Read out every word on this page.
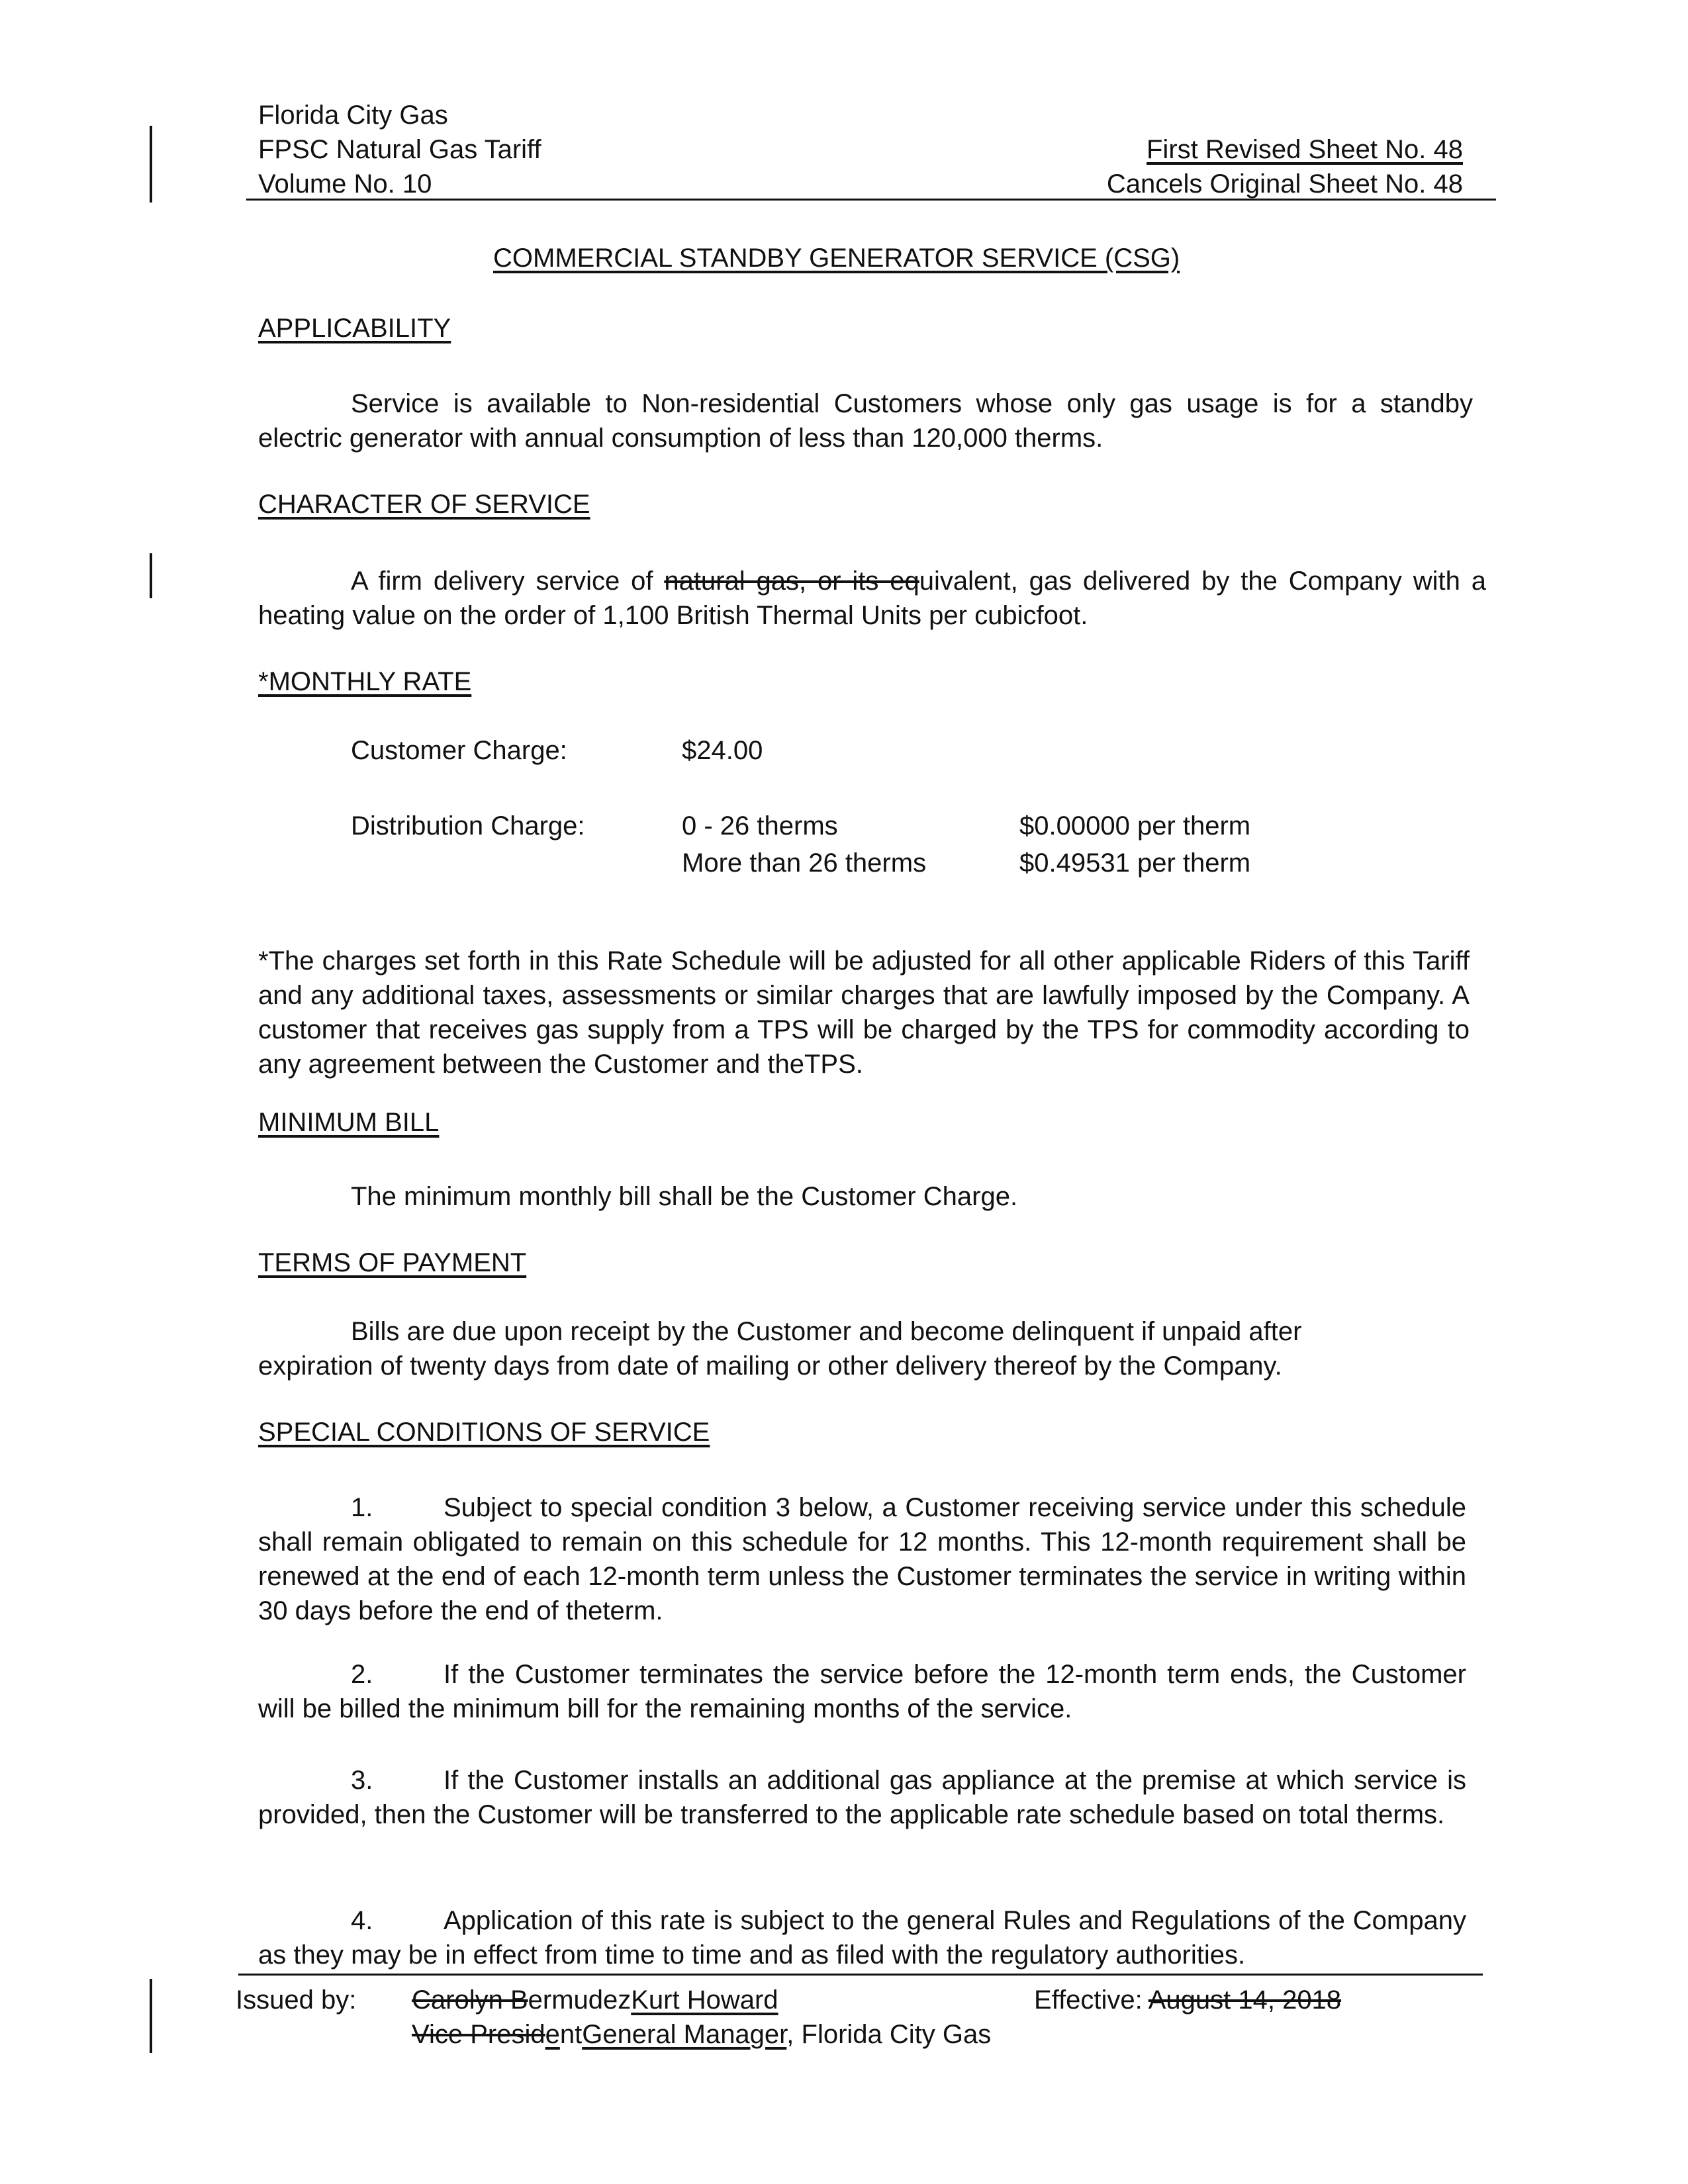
Florida City Gas
FPSC Natural Gas Tariff
Volume No. 10
First Revised Sheet No. 48
Cancels Original Sheet No. 48
COMMERCIAL STANDBY GENERATOR SERVICE (CSG)
APPLICABILITY
Service is available to Non-residential Customers whose only gas usage is for a standby electric generator with annual consumption of less than 120,000 therms.
CHARACTER OF SERVICE
A firm delivery service of natural gas, or its equivalent, gas delivered by the Company with a heating value on the order of 1,100 British Thermal Units per cubicfoot.
*MONTHLY RATE
Customer Charge:	$24.00
Distribution Charge:	0 - 26 therms	$0.00000 per therm
More than 26 therms	$0.49531 per therm
*The charges set forth in this Rate Schedule will be adjusted for all other applicable Riders of this Tariff and any additional taxes, assessments or similar charges that are lawfully imposed by the Company. A customer that receives gas supply from a TPS will be charged by the TPS for commodity according to any agreement between the Customer and theTPS.
MINIMUM BILL
The minimum monthly bill shall be the Customer Charge.
TERMS OF PAYMENT
Bills are due upon receipt by the Customer and become delinquent if unpaid after expiration of twenty days from date of mailing or other delivery thereof by the Company.
SPECIAL CONDITIONS OF SERVICE
1.	Subject to special condition 3 below, a Customer receiving service under this schedule shall remain obligated to remain on this schedule for 12 months. This 12-month requirement shall be renewed at the end of each 12-month term unless the Customer terminates the service in writing within 30 days before the end of theterm.
2.	If the Customer terminates the service before the 12-month term ends, the Customer will be billed the minimum bill for the remaining months of the service.
3.	If the Customer installs an additional gas appliance at the premise at which service is provided, then the Customer will be transferred to the applicable rate schedule based on total therms.
4.	Application of this rate is subject to the general Rules and Regulations of the Company as they may be in effect from time to time and as filed with the regulatory authorities.
Issued by: Carolyn BermudezKurt Howard	Effective: August 14, 2018
Vice PresidentGeneral Manager, Florida City Gas
